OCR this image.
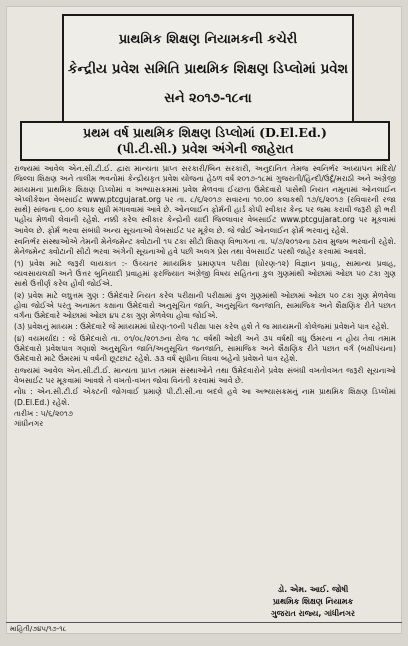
પ્રાથમિક શિક્ષણ નિયામકની કચેરી
કેન્દ્રીય પ્રવેશ સમિતિ પ્રાથમિક શિક્ષણ ડિપ્લોમાં પ્રવેશ
સને ૨૦૧૭-૧૮ના
પ્રથમ વર્ષ પ્રાથમિક શિક્ષણ ડિપ્લોમાં (D.El.Ed.)
(પી.ટી.સી.) પ્રવેશ અંગેની જાહેરાત

રાજ્યમાં આવેલ એન.સી.ટી.ઈ. દ્વારા માન્યતા પ્રાપ્ત સરકારી/બિન સરકારી, અનુદાનિત તેમજ સ્વનિર્ભર અધ્યાપન મંદિરો/જિલ્લા શિક્ષણ અને તાલીમ ભવનોમાં કેન્દ્રીયકૃત પ્રવેશ યોજના હેઠળ વર્ષ ૨૦૧૭-૧૮માં ગુજરાતી/હિન્દી/ઉર્દૂ/મરાઠી અને અંગ્રેજી માધ્યમના પ્રાથમિક શિક્ષણ ડિપ્લોમાં વ અભ્યાસક્રમમાં પ્રવેશ મેળવવા ઈચ્છતા ઉમેદવારો પાસેથી નિયત નમૂનામાં ઓનલાઈન એપ્લીકેશન વેબસાઈટ www.ptcgujarat.org પર તા. ૮/૬/૨૦૧૭ સવારના ૧૦.૦૦ કલાકથી ૧૭/૬/૨૦૧૭ (રવિવારની રજા સાથે) સાંજના ૬.૦૦ કલાક સુધી મંગાવવામાં આવે છે. ઓનલાઈન ફોર્મની હાર્ડ કોપી સ્વીકાર કેન્દ્ર પર જમા કરાવી જરૂરી ફી ભરી પહોંચ મેળવી લેવાની રહેશે. નક્કી કરેલ સ્વીકાર કેન્દ્રોની યાદી જિલ્લાવાર વેબસાઈટ www.ptcgujarat.org પર મૂકવામાં આવેલ છે. ફોર્મ ભરવા સંબંધી અન્ય સૂચનાઓ વેબસાઈટ પર મૂકેલ છે. જે જોઈ ઓનલાઈન ફોર્મ ભરવાનું રહેશે.

સ્વનિર્ભર સંસ્થાઓએ તેમની મેનેજમેન્ટ ક્વોટાની ૧૫ ટકા સીટો શિક્ષણ વિભાગના તા. ૫/૭/૨૦૧૨ના ઠરાવ મુજબ ભરવાની રહેશે. મેનેજમેન્ટ ક્વોટાની સીટો ભરવા અંગેની સૂચનાઓ હવે પછી અલગ પ્રેસ તથા વેબસાઈટ પરથી જાહેર કરવામાં આવશે.

(૧) પ્રવેશ માટે જરૂરી લાયકાત :- ઉચ્ચતર માધ્યમિક પ્રમાણપત્ર પરીક્ષા (ધોરણ-૧૨) વિજ્ઞાન પ્રવાહ, સામાન્ય પ્રવાહ, વ્યવસાયલક્ષી અને ઉત્તર બુનિયાદી પ્રવાહમાં ફરજિયાત અંગ્રેજી વિષય સહિતના કુલ ગુણમાંથી ઓછામાં ઓછા ૫૦ ટકા ગુણ સાથે ઉત્તીર્ણ કરેલ હોવી જોઈએ.

(૨) પ્રવેશ માટે લઘુત્તમ ગુણ : ઉમેદવારે નિયત કરેલ પરીક્ષાની પરીક્ષામાં કુલ ગુણમાંથી ઓછામાં ઓછા ૫૦ ટકા ગુણ મેળવેલા હોવા જોઈએ પરંતુ અનામત કક્ષાના ઉમેદવારો અનુસૂચિત જાતિ, અનુસૂચિત જનજાતિ, સામાજિક અને શૈક્ષણિક રીતે પછાત વર્ગના ઉમેદવારે ઓછામાં ઓછા ૪૫ ટકા ગુણ મેળવેલા હોવા જોઈએ.

(૩) પ્રવેશનું માધ્યમ : ઉમેદવારે જે માધ્યમમાં ધોરણ-૧૦ની પરીક્ષા પાસ કરેલ હશે તે જ માધ્યમની કોલેજમાં પ્રવેશને પાત્ર રહેશે.

(૪) વયમર્યાદા : જે ઉમેદવારો તા. ૦૧/૦૮/૨૦૧૭ના રોજ ૧૮ વર્ષથી ઓછી અને ૩૫ વર્ષથી વધુ ઉંમરના ન હોય તેવા તમામ ઉમેદવારો પ્રવેશપાત્ર ગણાશે અનુસૂચિત જાતિ/અનુસૂચિત જનજાતિ, સામાજિક અને શૈક્ષણિક રીતે પછાત વર્ગ (બક્ષીપંચના) ઉમેદવારો માટે ઉંમરમાં ૫ વર્ષની છૂટછાટ રહેશે. ૩૩ વર્ષ સુધીના વિધવા બહેનો પ્રવેશને પાત્ર રહેશે.

રાજ્યમાં આવેલ એન.સી.ટી.ઈ. માન્યતા પ્રાપ્ત તમામ સંસ્થાઓને તથા ઉમેદવારોને પ્રવેશ સંબંધી વખતોવખત જરૂરી સૂચનાઓ વેબસાઈટ પર મૂકવામાં આવશે તે વખતો-વખત જોવા વિનંતી કરવામાં આવે છે.

નોંધ : એન.સી.ટી.ઈ એક્ટની જોગવાઈ પ્રમાણે પી.ટી.સી.ના બદલે હવે આ અભ્યાસક્રમનું નામ પ્રાથમિક શિક્ષણ ડિપ્લોમાં (D.El.Ed.) રહેશે.

તારીખ : ૫/૬/૨૦૧૭
ગાંધીનગર
ડો. એમ. આઈ. જોષી
પ્રાથમિક શિક્ષણ નિયામક
ગુજરાત રાજ્ય, ગાંધીનગર
માહિતી/૭૪૫/૧૭-૧૮
